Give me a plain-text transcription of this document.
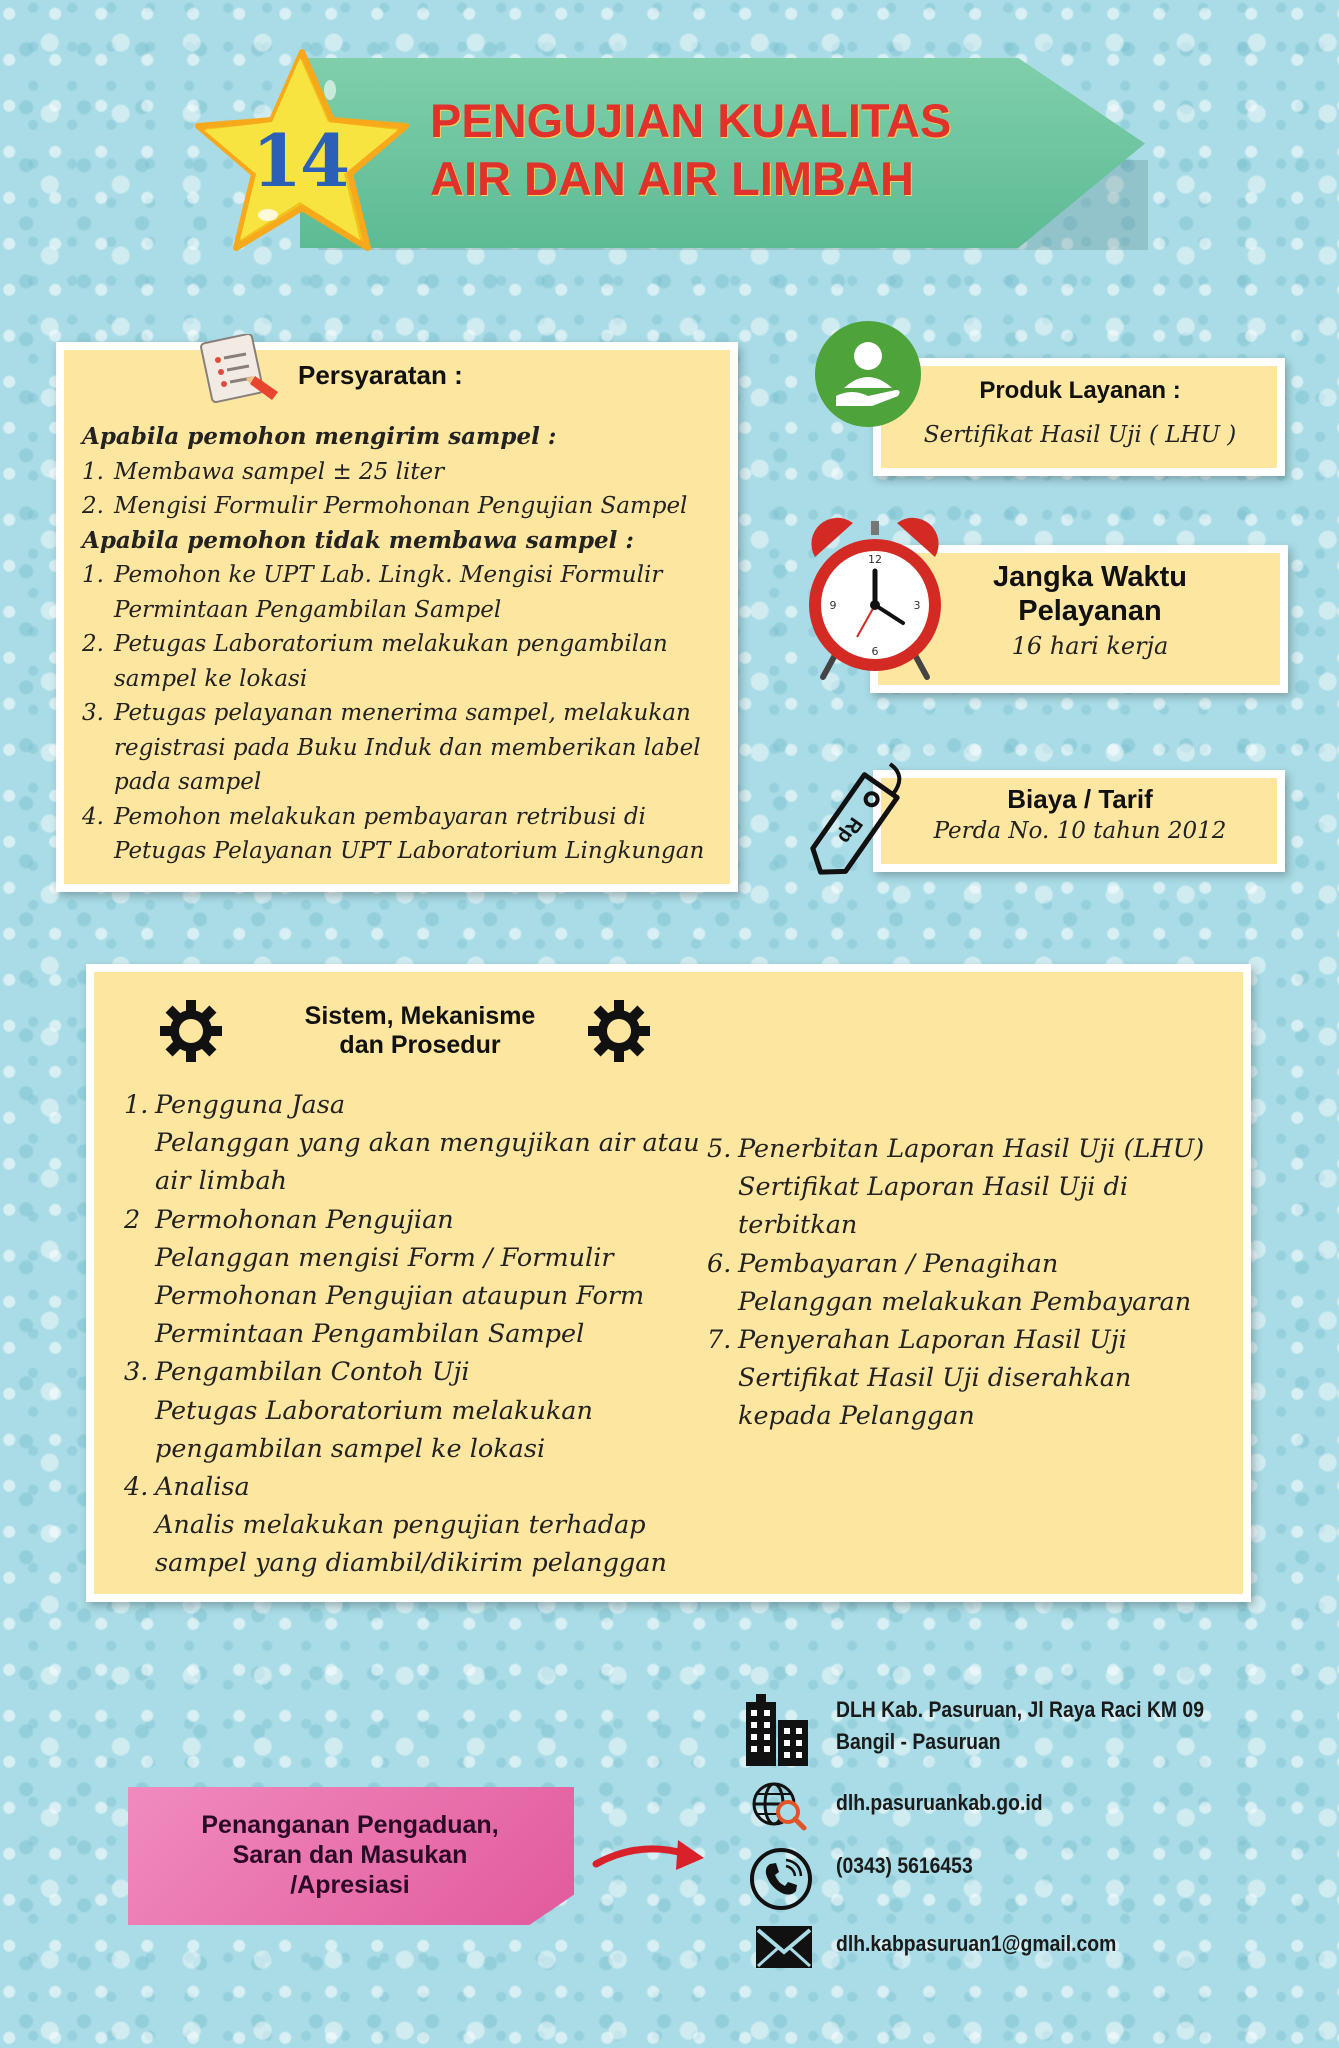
14	PENGUJIAN KUALITAS
AIR DAN AIR LIMBAH
Persyaratan :
Apabila pemohon mengirim sampel :
1. Membawa sampel ± 25 liter
2. Mengisi Formulir Permohonan Pengujian Sampel
Apabila pemohon tidak membawa sampel :
1. Pemohon ke UPT Lab. Lingk. Mengisi Formulir Permintaan Pengambilan Sampel
2. Petugas Laboratorium melakukan pengambilan sampel ke lokasi
3. Petugas pelayanan menerima sampel, melakukan registrasi pada Buku Induk dan memberikan label pada sampel
4. Pemohon melakukan pembayaran retribusi di Petugas Pelayanan UPT Laboratorium Lingkungan
Produk Layanan :
Sertifikat Hasil Uji ( LHU )
12
3
6
9
Jangka Waktu
Pelayanan
16 hari kerja
Rp
Biaya / Tarif
Perda No. 10 tahun 2012
Sistem, Mekanisme
dan Prosedur
1. Pengguna Jasa
Pelanggan yang akan mengujikan air atau air limbah
2 Permohonan Pengujian
Pelanggan mengisi Form / Formulir Permohonan Pengujian ataupun Form Permintaan Pengambilan Sampel
3. Pengambilan Contoh Uji
Petugas Laboratorium melakukan pengambilan sampel ke lokasi
4. Analisa
Analis melakukan pengujian terhadap sampel yang diambil/dikirim pelanggan
5. Penerbitan Laporan Hasil Uji (LHU)
Sertifikat Laporan Hasil Uji di terbitkan
6. Pembayaran / Penagihan
Pelanggan melakukan Pembayaran
7. Penyerahan Laporan Hasil Uji
Sertifikat Hasil Uji diserahkan kepada Pelanggan
Penanganan Pengaduan,
Saran dan Masukan
/Apresiasi
DLH Kab. Pasuruan, Jl Raya Raci KM 09
Bangil - Pasuruan
dlh.pasuruankab.go.id
(0343) 5616453
dlh.kabpasuruan1@gmail.com
